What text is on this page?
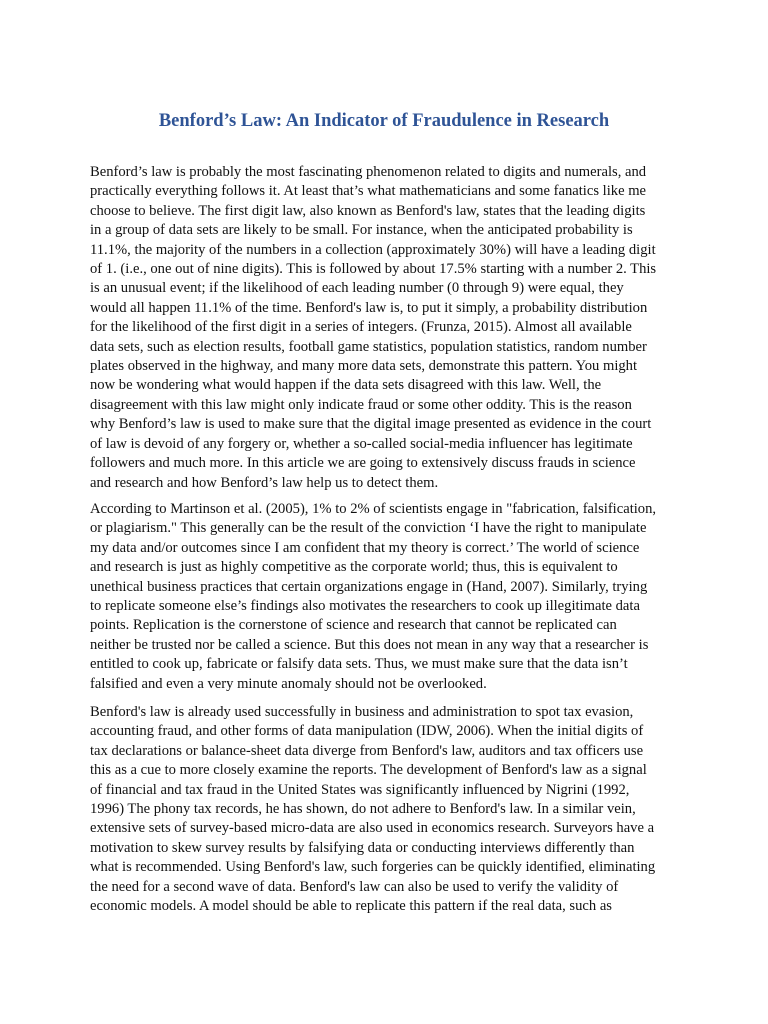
Benford’s Law: An Indicator of Fraudulence in Research

Benford’s law is probably the most fascinating phenomenon related to digits and numerals, and
practically everything follows it. At least that’s what mathematicians and some fanatics like me
choose to believe. The first digit law, also known as Benford's law, states that the leading digits
in a group of data sets are likely to be small. For instance, when the anticipated probability is
11.1%, the majority of the numbers in a collection (approximately 30%) will have a leading digit
of 1. (i.e., one out of nine digits). This is followed by about 17.5% starting with a number 2. This
is an unusual event; if the likelihood of each leading number (0 through 9) were equal, they
would all happen 11.1% of the time. Benford's law is, to put it simply, a probability distribution
for the likelihood of the first digit in a series of integers. (Frunza, 2015). Almost all available
data sets, such as election results, football game statistics, population statistics, random number
plates observed in the highway, and many more data sets, demonstrate this pattern. You might
now be wondering what would happen if the data sets disagreed with this law. Well, the
disagreement with this law might only indicate fraud or some other oddity. This is the reason
why Benford’s law is used to make sure that the digital image presented as evidence in the court
of law is devoid of any forgery or, whether a so-called social-media influencer has legitimate
followers and much more. In this article we are going to extensively discuss frauds in science
and research and how Benford’s law help us to detect them.

According to Martinson et al. (2005), 1% to 2% of scientists engage in "fabrication, falsification,
or plagiarism." This generally can be the result of the conviction ‘I have the right to manipulate
my data and/or outcomes since I am confident that my theory is correct.’ The world of science
and research is just as highly competitive as the corporate world; thus, this is equivalent to
unethical business practices that certain organizations engage in (Hand, 2007). Similarly, trying
to replicate someone else’s findings also motivates the researchers to cook up illegitimate data
points. Replication is the cornerstone of science and research that cannot be replicated can
neither be trusted nor be called a science. But this does not mean in any way that a researcher is
entitled to cook up, fabricate or falsify data sets. Thus, we must make sure that the data isn’t
falsified and even a very minute anomaly should not be overlooked.

Benford's law is already used successfully in business and administration to spot tax evasion,
accounting fraud, and other forms of data manipulation (IDW, 2006). When the initial digits of
tax declarations or balance-sheet data diverge from Benford's law, auditors and tax officers use
this as a cue to more closely examine the reports. The development of Benford's law as a signal
of financial and tax fraud in the United States was significantly influenced by Nigrini (1992,
1996) The phony tax records, he has shown, do not adhere to Benford's law. In a similar vein,
extensive sets of survey-based micro-data are also used in economics research. Surveyors have a
motivation to skew survey results by falsifying data or conducting interviews differently than
what is recommended. Using Benford's law, such forgeries can be quickly identified, eliminating
the need for a second wave of data. Benford's law can also be used to verify the validity of
economic models. A model should be able to replicate this pattern if the real data, such as
